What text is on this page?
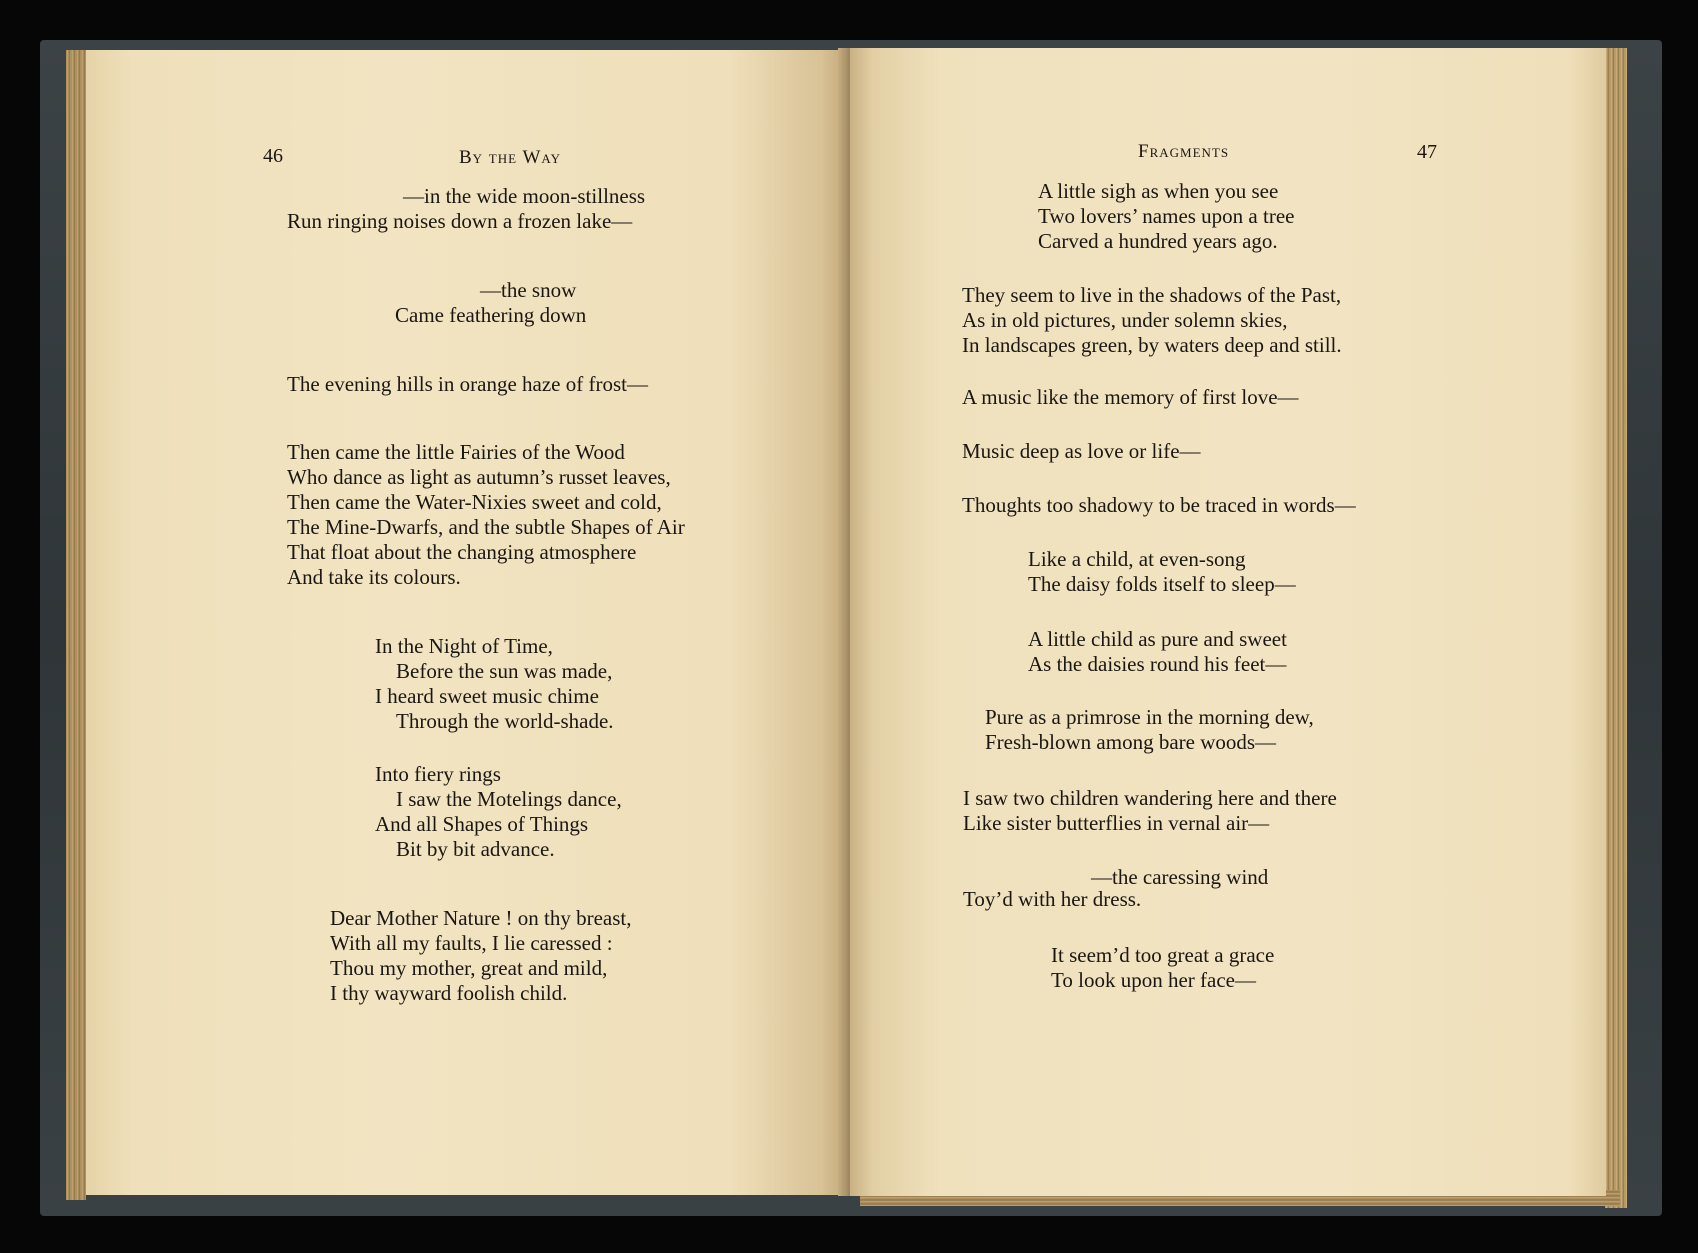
46	By the Way
—in the wide moon-stillness
Run ringing noises down a frozen lake—
—the snow
Came feathering down
The evening hills in orange haze of frost—
Then came the little Fairies of the Wood
Who dance as light as autumn’s russet leaves,
Then came the Water-Nixies sweet and cold,
The Mine-Dwarfs, and the subtle Shapes of Air
That float about the changing atmosphere
And take its colours.
In the Night of Time,
Before the sun was made,
I heard sweet music chime
Through the world-shade.
Into fiery rings
I saw the Motelings dance,
And all Shapes of Things
Bit by bit advance.
Dear Mother Nature ! on thy breast,
With all my faults, I lie caressed :
Thou my mother, great and mild,
I thy wayward foolish child.
Fragments	47
A little sigh as when you see
Two lovers’ names upon a tree
Carved a hundred years ago.
They seem to live in the shadows of the Past,
As in old pictures, under solemn skies,
In landscapes green, by waters deep and still.
A music like the memory of first love—
Music deep as love or life—
Thoughts too shadowy to be traced in words—
Like a child, at even-song
The daisy folds itself to sleep—
A little child as pure and sweet
As the daisies round his feet—
Pure as a primrose in the morning dew,
Fresh-blown among bare woods—
I saw two children wandering here and there
Like sister butterflies in vernal air—
—the caressing wind
Toy’d with her dress.
It seem’d too great a grace
To look upon her face—
